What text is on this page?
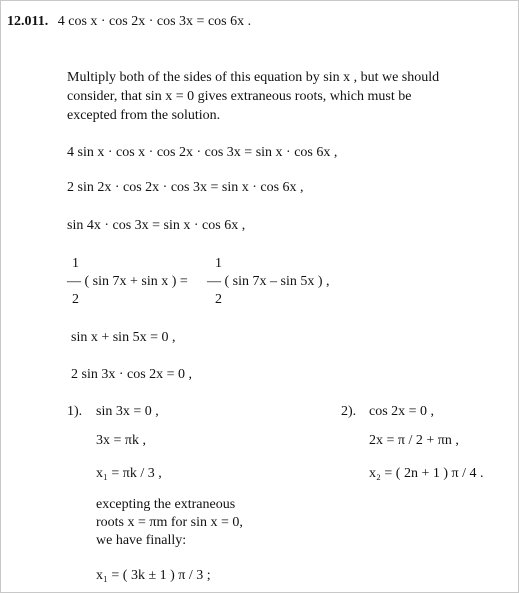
12.011. 4 cos x · cos 2x · cos 3x = cos 6x .
Multiply both of the sides of this equation by sin x , but we should
consider, that sin x = 0 gives extraneous roots, which must be
excepted from the solution.
4 sin x · cos x · cos 2x · cos 3x = sin x · cos 6x ,
2 sin 2x · cos 2x · cos 3x = sin x · cos 6x ,
sin 4x · cos 3x = sin x · cos 6x ,
1	1
–– ( sin 7x + sin x ) = –– ( sin 7x – sin 5x ) ,
2	2
sin x + sin 5x = 0 ,
2 sin 3x · cos 2x = 0 ,
1). sin 3x = 0 ,
3x = πk ,
x₁ = πk / 3 ,
excepting the extraneous
roots x = πm for sin x = 0,
we have finally:
x₁ = ( 3k ± 1 ) π / 3 ;
2). cos 2x = 0 ,
2x = π / 2 + πn ,
x₂ = ( 2n + 1 ) π / 4 .
